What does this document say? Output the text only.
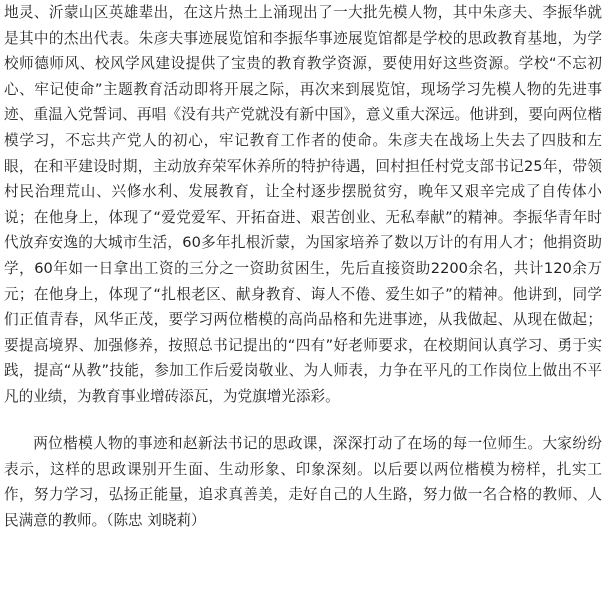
地灵、沂蒙山区英雄辈出，在这片热土上涌现出了一大批先模人物，其中朱彦夫、李振华就是其中的杰出代表。朱彦夫事迹展览馆和李振华事迹展览馆都是学校的思政教育基地，为学校师德师风、校风学风建设提供了宝贵的教育教学资源，要使用好这些资源。学校“不忘初心、牢记使命”主题教育活动即将开展之际，再次来到展览馆，现场学习先模人物的先进事迹、重温入党誓词、再唱《没有共产党就没有新中国》，意义重大深远。他讲到，要向两位楷模学习，不忘共产党人的初心，牢记教育工作者的使命。朱彦夫在战场上失去了四肢和左眼，在和平建设时期，主动放弃荣军休养所的特护待遇，回村担任村党支部书记25年，带领村民治理荒山、兴修水利、发展教育，让全村逐步摆脱贫穷，晚年又艰辛完成了自传体小说；在他身上，体现了“爱党爱军、开拓奋进、艰苦创业、无私奉献”的精神。李振华青年时代放弃安逸的大城市生活，60多年扎根沂蒙，为国家培养了数以万计的有用人才；他捐资助学，60年如一日拿出工资的三分之一资助贫困生，先后直接资助2200余名，共计120余万元；在他身上，体现了“扎根老区、献身教育、诲人不倦、爱生如子”的精神。他讲到，同学们正值青春，风华正茂，要学习两位楷模的高尚品格和先进事迹，从我做起、从现在做起；要提高境界、加强修养，按照总书记提出的“四有”好老师要求，在校期间认真学习、勇于实践，提高“从教”技能，参加工作后爱岗敬业、为人师表，力争在平凡的工作岗位上做出不平凡的业绩，为教育事业增砖添瓦，为党旗增光添彩。

两位楷模人物的事迹和赵新法书记的思政课，深深打动了在场的每一位师生。大家纷纷表示，这样的思政课别开生面、生动形象、印象深刻。以后要以两位楷模为榜样，扎实工作，努力学习，弘扬正能量，追求真善美，走好自己的人生路，努力做一名合格的教师、人民满意的教师。（陈忠 刘晓莉）
